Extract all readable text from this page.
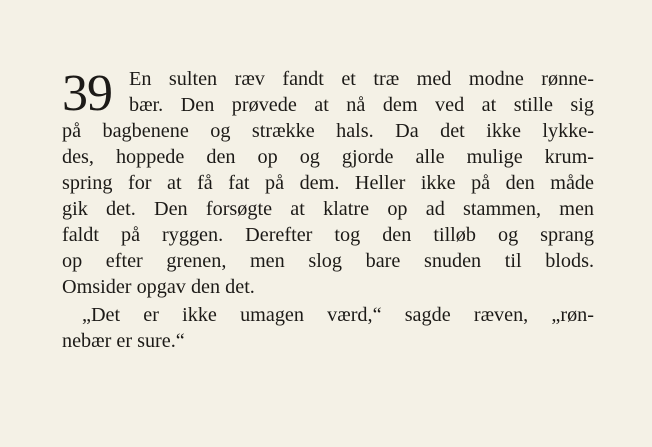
39 En sulten ræv fandt et træ med modne rønne-
bær. Den prøvede at nå dem ved at stille sig
på bagbenene og strække hals. Da det ikke lykke-
des, hoppede den op og gjorde alle mulige krum-
spring for at få fat på dem. Heller ikke på den måde
gik det. Den forsøgte at klatre op ad stammen, men
faldt på ryggen. Derefter tog den tilløb og sprang
op efter grenen, men slog bare snuden til blods.
Omsider opgav den det.
„Det er ikke umagen værd,“ sagde ræven, „røn-
nebær er sure.“
